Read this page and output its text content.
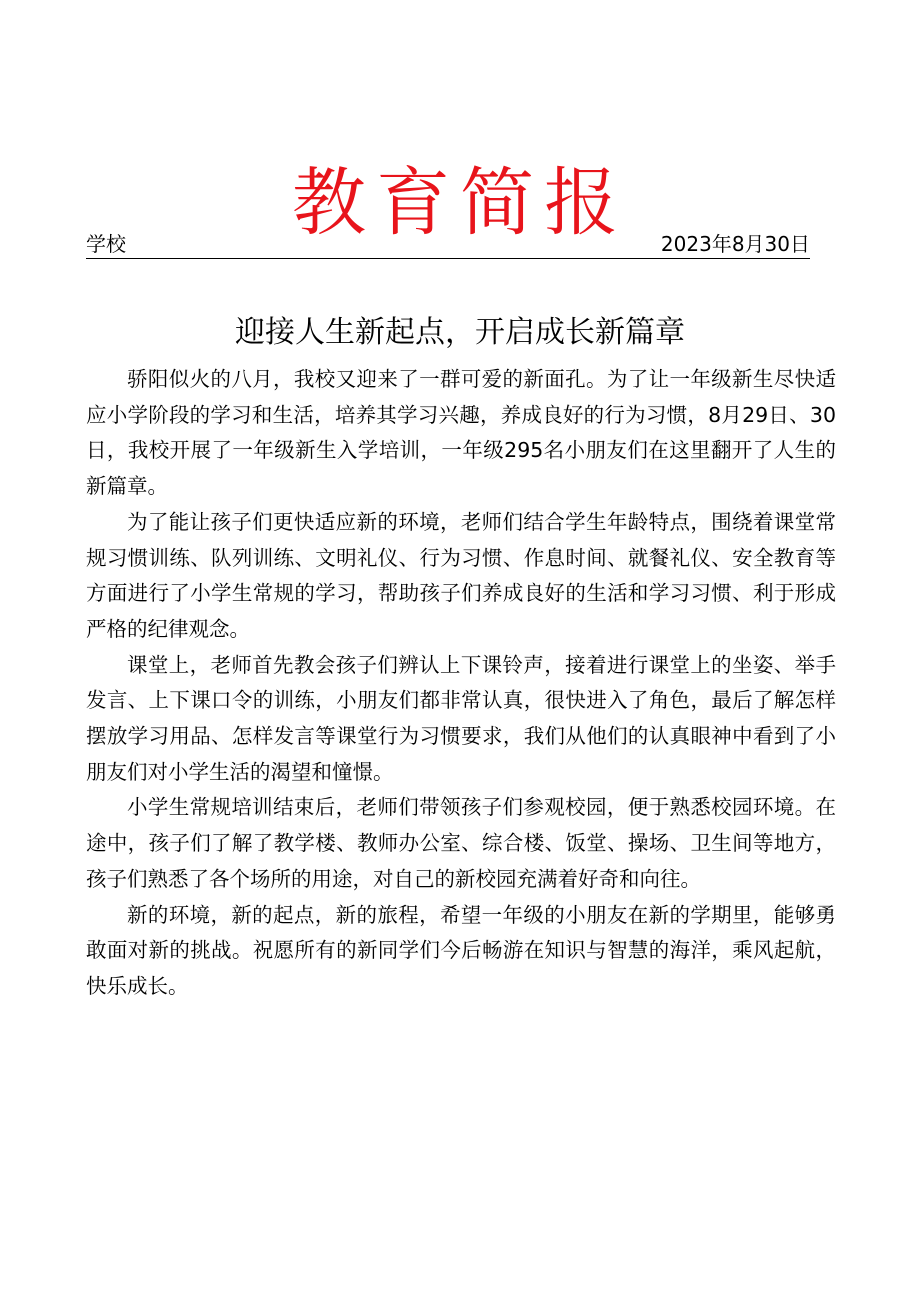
教育简报
学校	2023年8月30日
迎接人生新起点，开启成长新篇章

骄阳似火的八月，我校又迎来了一群可爱的新面孔。为了让一年级新生尽快适应小学阶段的学习和生活，培养其学习兴趣，养成良好的行为习惯，8月29日、30日，我校开展了一年级新生入学培训，一年级295名小朋友们在这里翻开了人生的新篇章。

为了能让孩子们更快适应新的环境，老师们结合学生年龄特点，围绕着课堂常规习惯训练、队列训练、文明礼仪、行为习惯、作息时间、就餐礼仪、安全教育等方面进行了小学生常规的学习，帮助孩子们养成良好的生活和学习习惯、利于形成严格的纪律观念。

课堂上，老师首先教会孩子们辨认上下课铃声，接着进行课堂上的坐姿、举手发言、上下课口令的训练，小朋友们都非常认真，很快进入了角色，最后了解怎样摆放学习用品、怎样发言等课堂行为习惯要求，我们从他们的认真眼神中看到了小朋友们对小学生活的渴望和憧憬。

小学生常规培训结束后，老师们带领孩子们参观校园，便于熟悉校园环境。在途中，孩子们了解了教学楼、教师办公室、综合楼、饭堂、操场、卫生间等地方，孩子们熟悉了各个场所的用途，对自己的新校园充满着好奇和向往。

新的环境，新的起点，新的旅程，希望一年级的小朋友在新的学期里，能够勇敢面对新的挑战。祝愿所有的新同学们今后畅游在知识与智慧的海洋，乘风起航，快乐成长。
